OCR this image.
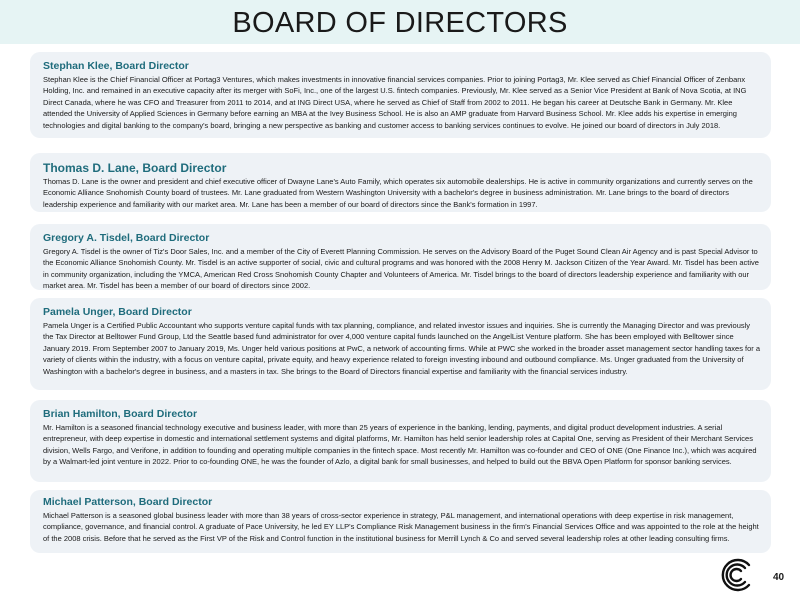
BOARD OF DIRECTORS

Stephan Klee, Board Director

Stephan Klee is the Chief Financial Officer at Portag3 Ventures, which makes investments in innovative financial services companies. Prior to joining Portag3, Mr. Klee served as Chief Financial Officer of Zenbanx Holding, Inc. and remained in an executive capacity after its merger with SoFi, Inc., one of the largest U.S. fintech companies. Previously, Mr. Klee served as a Senior Vice President at Bank of Nova Scotia, at ING Direct Canada, where he was CFO and Treasurer from 2011 to 2014, and at ING Direct USA, where he served as Chief of Staff from 2002 to 2011. He began his career at Deutsche Bank in Germany. Mr. Klee attended the University of Applied Sciences in Germany before earning an MBA at the Ivey Business School. He is also an AMP graduate from Harvard Business School. Mr. Klee adds his expertise in emerging technologies and digital banking to the company's board, bringing a new perspective as banking and customer access to banking services continues to evolve. He joined our board of directors in July 2018.

Thomas D. Lane, Board Director

Thomas D. Lane is the owner and president and chief executive officer of Dwayne Lane's Auto Family, which operates six automobile dealerships. He is active in community organizations and currently serves on the Economic Alliance Snohomish County board of trustees. Mr. Lane graduated from Western Washington University with a bachelor's degree in business administration. Mr. Lane brings to the board of directors leadership experience and familiarity with our market area. Mr. Lane has been a member of our board of directors since the Bank's formation in 1997.

Gregory A. Tisdel, Board Director

Gregory A. Tisdel is the owner of Tiz's Door Sales, Inc. and a member of the City of Everett Planning Commission. He serves on the Advisory Board of the Puget Sound Clean Air Agency and is past Special Advisor to the Economic Alliance Snohomish County. Mr. Tisdel is an active supporter of social, civic and cultural programs and was honored with the 2008 Henry M. Jackson Citizen of the Year Award. Mr. Tisdel has been active in community organization, including the YMCA, American Red Cross Snohomish County Chapter and Volunteers of America. Mr. Tisdel brings to the board of directors leadership experience and familiarity with our market area. Mr. Tisdel has been a member of our board of directors since 2002.

Pamela Unger, Board Director

Pamela Unger is a Certified Public Accountant who supports venture capital funds with tax planning, compliance, and related investor issues and inquiries. She is currently the Managing Director and was previously the Tax Director at Belltower Fund Group, Ltd the Seattle based fund administrator for over 4,000 venture capital funds launched on the AngelList Venture platform. She has been employed with Belltower since January 2019. From September 2007 to January 2019, Ms. Unger held various positions at PwC, a network of accounting firms. While at PWC she worked in the broader asset management sector handling taxes for a variety of clients within the industry, with a focus on venture capital, private equity, and heavy experience related to foreign investing inbound and outbound compliance. Ms. Unger graduated from the University of Washington with a bachelor's degree in business, and a masters in tax. She brings to the Board of Directors financial expertise and familiarity with the financial services industry.

Brian Hamilton, Board Director

Mr. Hamilton is a seasoned financial technology executive and business leader, with more than 25 years of experience in the banking, lending, payments, and digital product development industries. A serial entrepreneur, with deep expertise in domestic and international settlement systems and digital platforms, Mr. Hamilton has held senior leadership roles at Capital One, serving as President of their Merchant Services division, Wells Fargo, and Verifone, in addition to founding and operating multiple companies in the fintech space. Most recently Mr. Hamilton was co-founder and CEO of ONE (One Finance Inc.), which was acquired by a Walmart-led joint venture in 2022. Prior to co-founding ONE, he was the founder of Azlo, a digital bank for small businesses, and helped to build out the BBVA Open Platform for sponsor banking services.

Michael Patterson, Board Director

Michael Patterson is a seasoned global business leader with more than 38 years of cross-sector experience in strategy, P&L management, and international operations with deep expertise in risk management, compliance, governance, and financial control. A graduate of Pace University, he led EY LLP's Compliance Risk Management business in the firm's Financial Services Office and was appointed to the role at the height of the 2008 crisis. Before that he served as the First VP of the Risk and Control function in the institutional business for Merrill Lynch & Co and served several leadership roles at other leading consulting firms.

40
